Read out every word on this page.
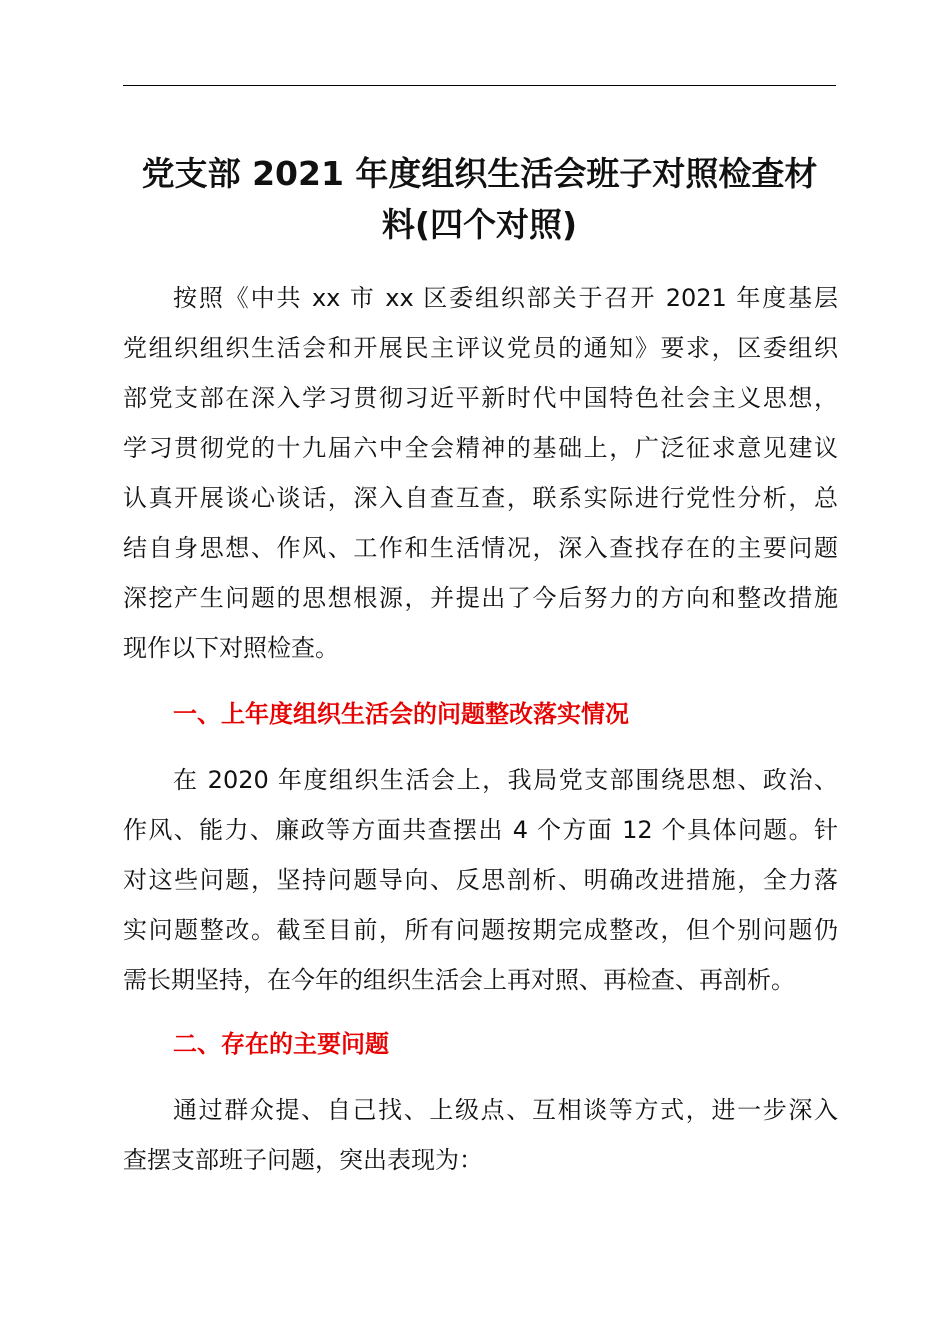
党支部 2021 年度组织生活会班子对照检查材
料(四个对照)

按照《中共 xx 市 xx 区委组织部关于召开 2021 年度基层

党组织组织生活会和开展民主评议党员的通知》要求，区委组织

部党支部在深入学习贯彻习近平新时代中国特色社会主义思想，

学习贯彻党的十九届六中全会精神的基础上，广泛征求意见建议

认真开展谈心谈话，深入自查互查，联系实际进行党性分析，总

结自身思想、作风、工作和生活情况，深入查找存在的主要问题

深挖产生问题的思想根源，并提出了今后努力的方向和整改措施

现作以下对照检查。

一、上年度组织生活会的问题整改落实情况

在 2020 年度组织生活会上，我局党支部围绕思想、政治、

作风、能力、廉政等方面共查摆出 4 个方面 12 个具体问题。针

对这些问题，坚持问题导向、反思剖析、明确改进措施，全力落

实问题整改。截至目前，所有问题按期完成整改，但个别问题仍

需长期坚持，在今年的组织生活会上再对照、再检查、再剖析。

二、存在的主要问题

通过群众提、自己找、上级点、互相谈等方式，进一步深入

查摆支部班子问题，突出表现为：
